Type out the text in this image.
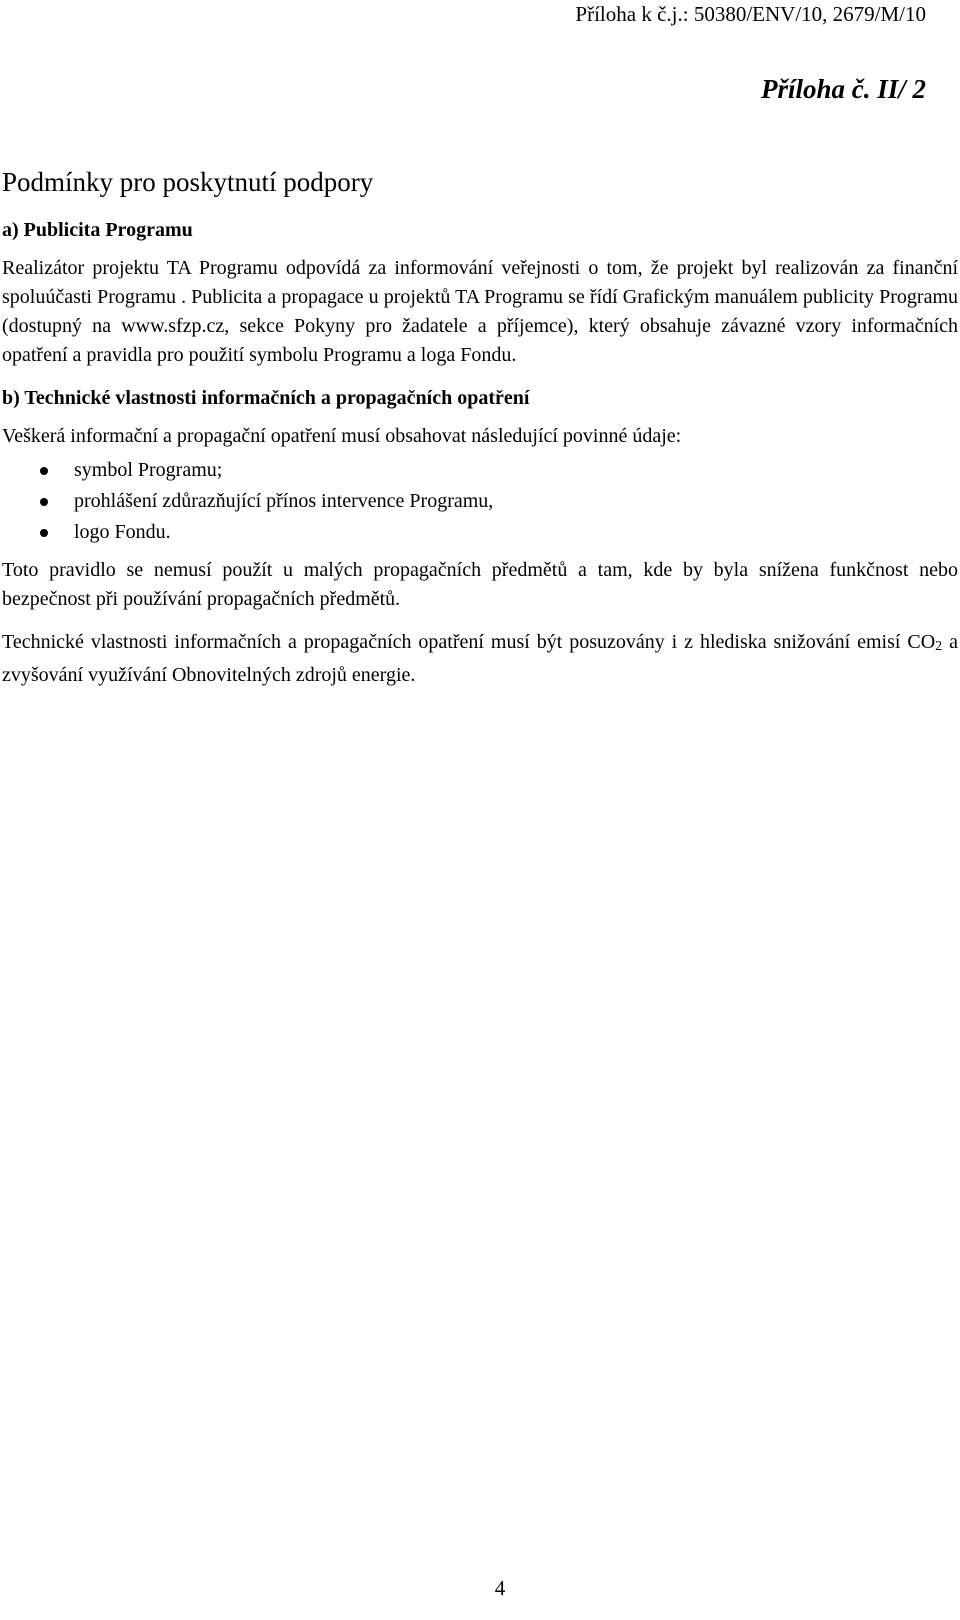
Příloha k č.j.: 50380/ENV/10, 2679/M/10
Příloha č. II/ 2
Podmínky pro poskytnutí podpory
a) Publicita Programu

Realizátor projektu TA Programu odpovídá za informování veřejnosti o tom, že projekt byl realizován za finanční spoluúčasti Programu . Publicita a propagace u projektů TA Programu se řídí Grafickým manuálem publicity Programu (dostupný na www.sfzp.cz, sekce Pokyny pro žadatele a příjemce), který obsahuje závazné vzory informačních opatření a pravidla pro použití symbolu Programu a loga Fondu.

b) Technické vlastnosti informačních a propagačních opatření

Veškerá informační a propagační opatření musí obsahovat následující povinné údaje:

symbol Programu;
prohlášení zdůrazňující přínos intervence Programu,
logo Fondu.

Toto pravidlo se nemusí použít u malých propagačních předmětů a tam, kde by byla snížena funkčnost nebo bezpečnost při používání propagačních předmětů.

Technické vlastnosti informačních a propagačních opatření musí být posuzovány i z hlediska snižování emisí $CO_2$ a zvyšování využívání Obnovitelných zdrojů energie.

4
